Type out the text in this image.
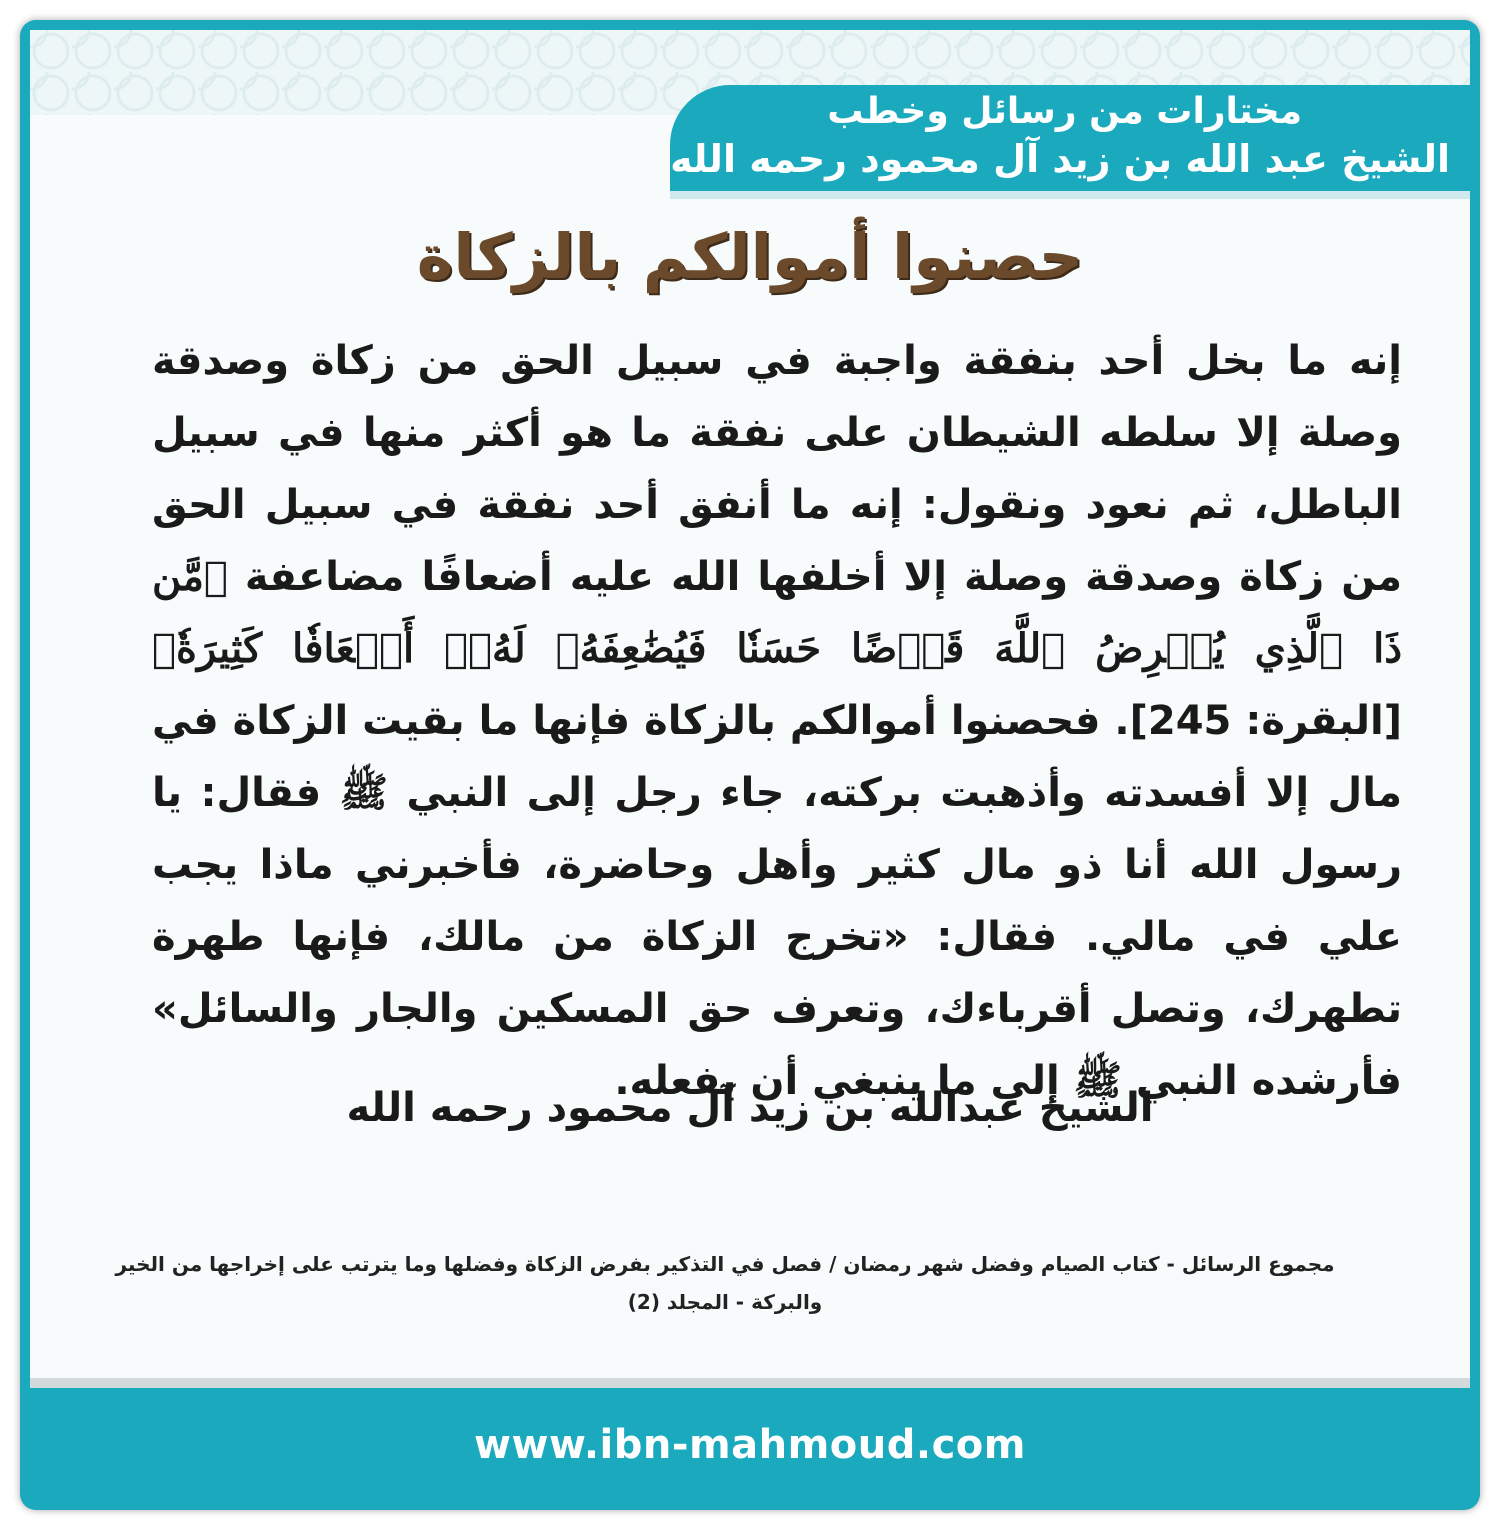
مختارات من رسائل وخطب
الشيخ عبد الله بن زيد آل محمود رحمه الله
حصنوا أموالكم بالزكاة

إنه ما بخل أحد بنفقة واجبة في سبيل الحق من زكاة وصدقة وصلة إلا سلطه الشيطان على نفقة ما هو أكثر منها في سبيل الباطل، ثم نعود ونقول: إنه ما أنفق أحد نفقة في سبيل الحق من زكاة وصدقة وصلة إلا أخلفها الله عليه أضعافًا مضاعفة ﴿مَّن ذَا ٱلَّذِي يُقۡرِضُ ٱللَّهَ قَرۡضًا حَسَنٗا فَيُضَٰعِفَهُۥ لَهُۥٓ أَضۡعَافٗا كَثِيرَةٗ﴾ [البقرة: 245]. فحصنوا أموالكم بالزكاة فإنها ما بقيت الزكاة في مال إلا أفسدته وأذهبت بركته، جاء رجل إلى النبي ﷺ فقال: يا رسول الله أنا ذو مال كثير وأهل وحاضرة، فأخبرني ماذا يجب علي في مالي. فقال: «تخرج الزكاة من مالك، فإنها طهرة تطهرك، وتصل أقرباءك، وتعرف حق المسكين والجار والسائل» فأرشده النبي ﷺ إلى ما ينبغي أن يفعله.

الشيخ عبدالله بن زيد آل محمود رحمه الله
مجموع الرسائل - كتاب الصيام وفضل شهر رمضان / فصل في التذكير بفرض الزكاة وفضلها وما يترتب على إخراجها من الخير والبركة - المجلد (2)
www.ibn-mahmoud.com
